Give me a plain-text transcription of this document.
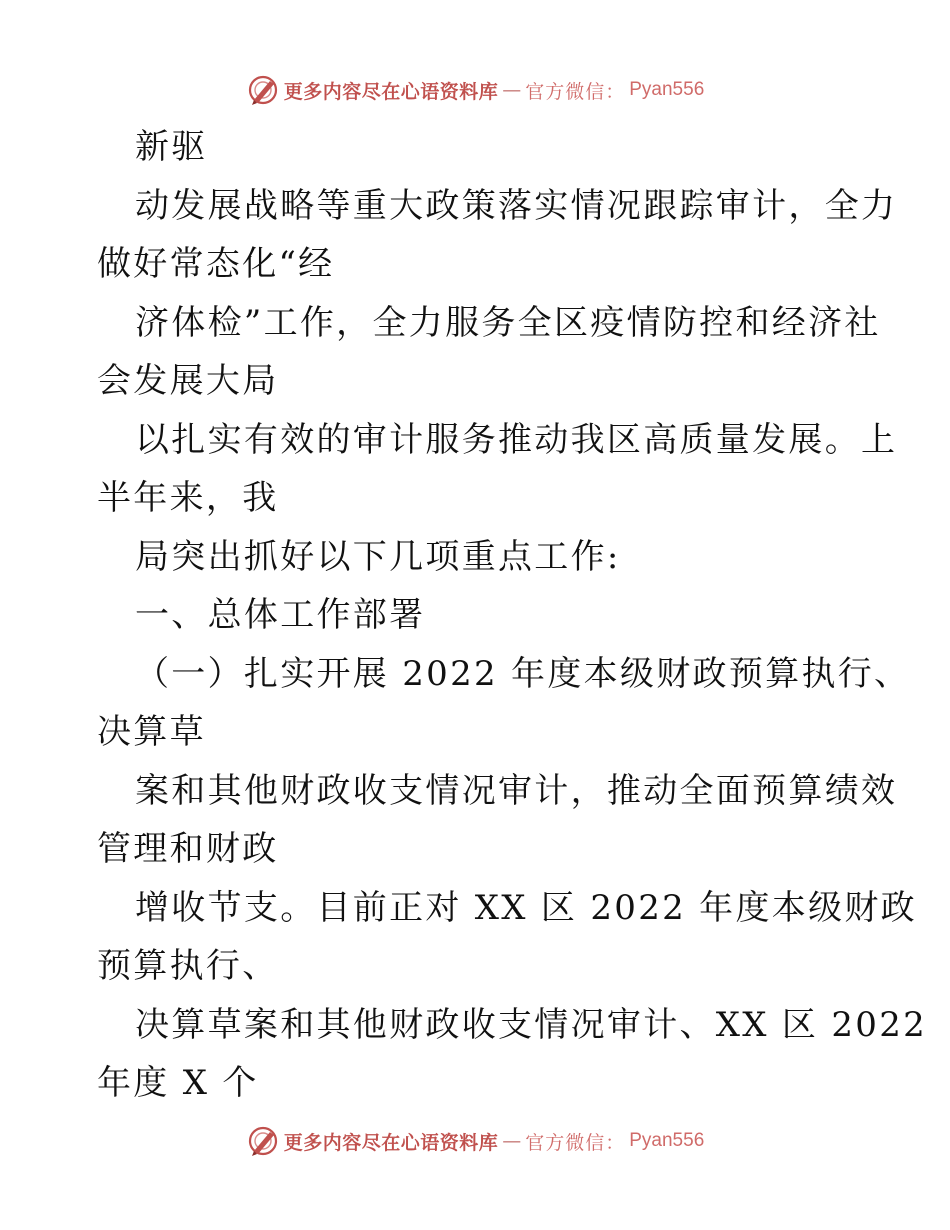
更多内容尽在心语资料库 — 官方微信： Pyan556
新驱
动发展战略等重大政策落实情况跟踪审计，全力
做好常态化“经
济体检”工作，全力服务全区疫情防控和经济社
会发展大局
以扎实有效的审计服务推动我区高质量发展。上
半年来，我
局突出抓好以下几项重点工作:
一、总体工作部署
（一）扎实开展 2022 年度本级财政预算执行、
决算草
案和其他财政收支情况审计，推动全面预算绩效
管理和财政
增收节支。目前正对 XX 区 2022 年度本级财政
预算执行、
决算草案和其他财政收支情况审计、XX 区 2022
年度 X 个
更多内容尽在心语资料库 — 官方微信： Pyan556
